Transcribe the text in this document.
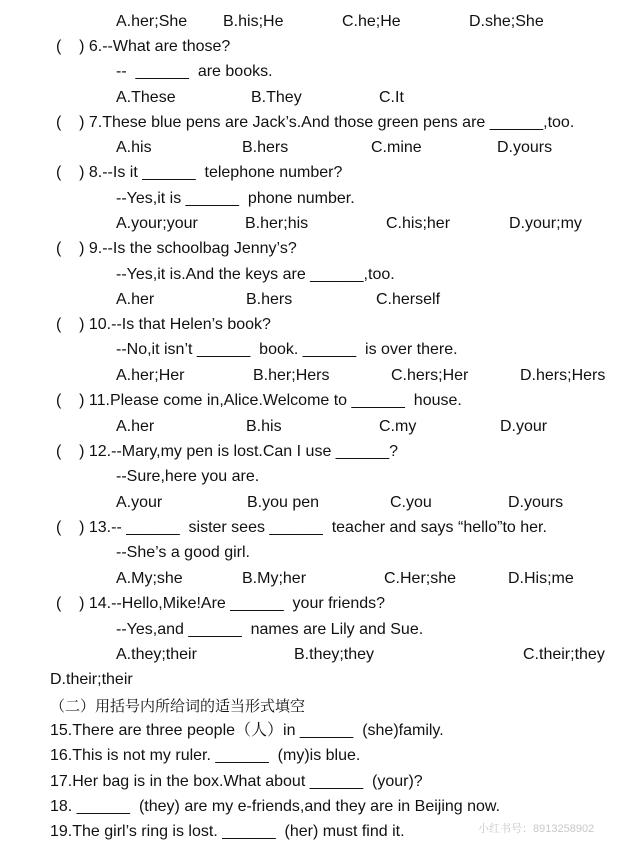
A.her;She B.his;He	C.he;He	D.she;She
(    ) 6.--What are those?
--  ______  are books.
A.These	B.They	C.It
(    ) 7.These blue pens are Jack’s.And those green pens are ______,too.
A.his	B.hers	C.mine	D.yours
(    ) 8.--Is it ______  telephone number?
--Yes,it is ______  phone number.
A.your;your	B.her;his	C.his;her	D.your;my
(    ) 9.--Is the schoolbag Jenny’s?
--Yes,it is.And the keys are ______,too.
A.her	B.hers	C.herself
(    ) 10.--Is that Helen’s book?
--No,it isn’t ______  book. ______  is over there.
A.her;Her	B.her;Hers	C.hers;Her	D.hers;Hers
(    ) 11.Please come in,Alice.Welcome to ______  house.
A.her	B.his	C.my	D.your
(    ) 12.--Mary,my pen is lost.Can I use ______?
--Sure,here you are.
A.your	B.you pen	C.you	D.yours
(    ) 13.-- ______  sister sees ______  teacher and says “hello”to her.
--She’s a good girl.
A.My;she	B.My;her	C.Her;she	D.His;me
(    ) 14.--Hello,Mike!Are ______  your friends?
--Yes,and ______  names are Lily and Sue.
A.they;their	B.they;they	C.their;they
D.their;their
（二）用括号内所给词的适当形式填空
15.There are three people（人）in ______  (she)family.
16.This is not my ruler. ______  (my)is blue.
17.Her bag is in the box.What about ______  (your)?
18. ______  (they) are my e-friends,and they are in Beijing now.
19.The girl’s ring is lost. ______  (her) must find it.	小红书号：8913258902
